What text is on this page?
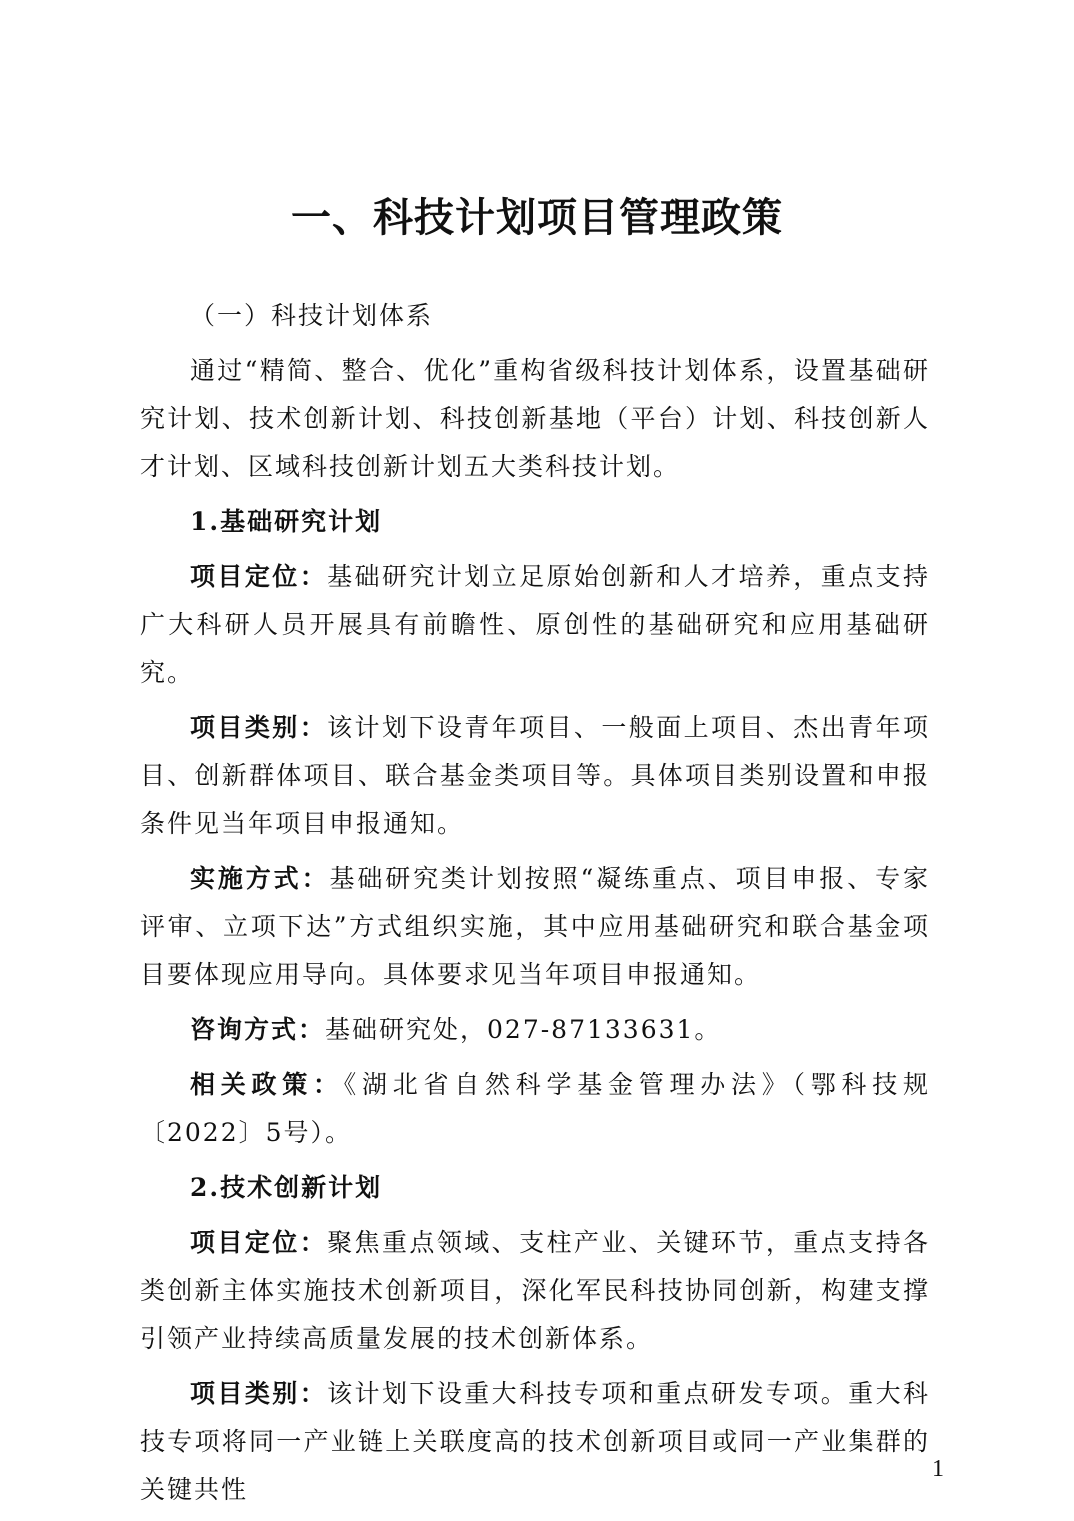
一、科技计划项目管理政策

（一）科技计划体系

通过“精简、整合、优化”重构省级科技计划体系，设置基础研究计划、技术创新计划、科技创新基地（平台）计划、科技创新人才计划、区域科技创新计划五大类科技计划。

1.基础研究计划

项目定位：基础研究计划立足原始创新和人才培养，重点支持广大科研人员开展具有前瞻性、原创性的基础研究和应用基础研究。

项目类别：该计划下设青年项目、一般面上项目、杰出青年项目、创新群体项目、联合基金类项目等。具体项目类别设置和申报条件见当年项目申报通知。

实施方式：基础研究类计划按照“凝练重点、项目申报、专家评审、立项下达”方式组织实施，其中应用基础研究和联合基金项目要体现应用导向。具体要求见当年项目申报通知。

咨询方式：基础研究处，027-87133631。

相关政策：《湖北省自然科学基金管理办法》（鄂科技规〔2022〕5号）。

2.技术创新计划

项目定位：聚焦重点领域、支柱产业、关键环节，重点支持各类创新主体实施技术创新项目，深化军民科技协同创新，构建支撑引领产业持续高质量发展的技术创新体系。

项目类别：该计划下设重大科技专项和重点研发专项。重大科技专项将同一产业链上关联度高的技术创新项目或同一产业集群的关键共性

1
